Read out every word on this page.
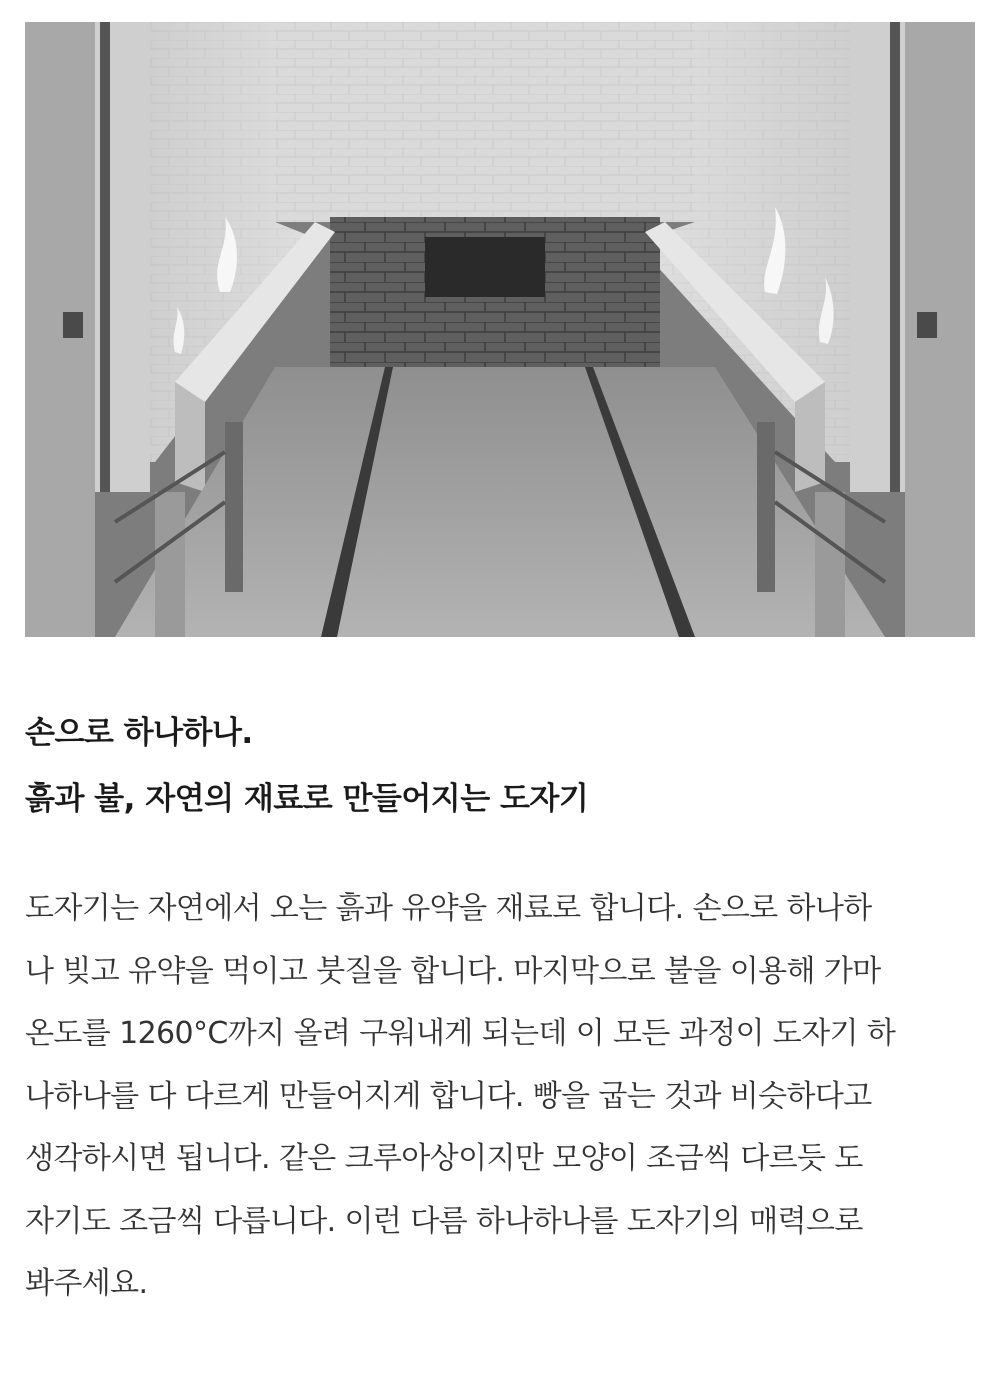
손으로 하나하나.
흙과 불, 자연의 재료로 만들어지는 도자기
도자기는 자연에서 오는 흙과 유약을 재료로 합니다. 손으로 하나하
나 빚고 유약을 먹이고 붓질을 합니다. 마지막으로 불을 이용해 가마
온도를 1260°C까지 올려 구워내게 되는데 이 모든 과정이 도자기 하
나하나를 다 다르게 만들어지게 합니다. 빵을 굽는 것과 비슷하다고
생각하시면 됩니다. 같은 크루아상이지만 모양이 조금씩 다르듯 도
자기도 조금씩 다릅니다. 이런 다름 하나하나를 도자기의 매력으로
봐주세요.
